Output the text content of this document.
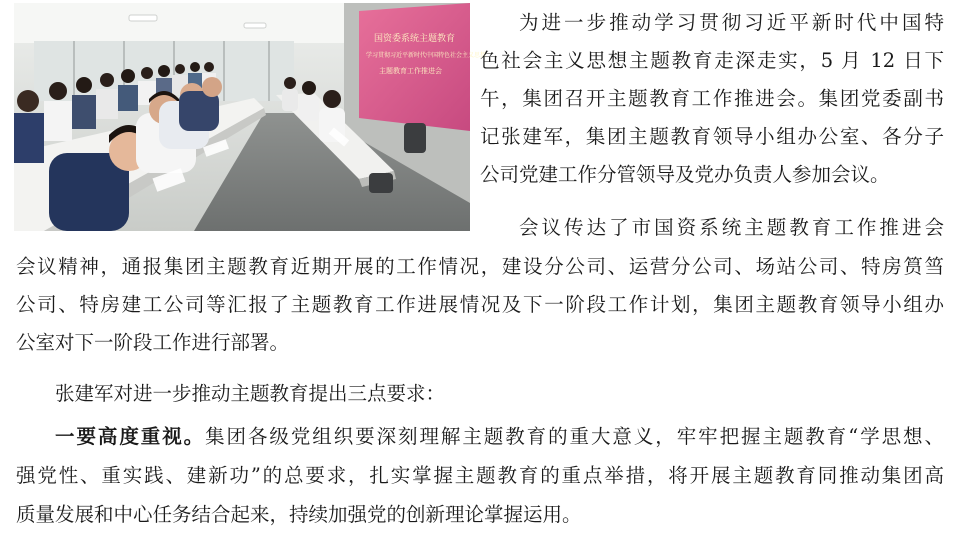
国资委系统主题教育
学习贯彻习近平新时代中国特色社会主义思想
主题教育工作推进会
为进一步推动学习贯彻习近平新时代中国特
色社会主义思想主题教育走深走实，5 月 12 日下
午，集团召开主题教育工作推进会。集团党委副书
记张建军，集团主题教育领导小组办公室、各分子
公司党建工作分管领导及党办负责人参加会议。
会议传达了市国资系统主题教育工作推进会
会议精神，通报集团主题教育近期开展的工作情况，建设分公司、运营分公司、场站公司、特房筼筜
公司、特房建工公司等汇报了主题教育工作进展情况及下一阶段工作计划，集团主题教育领导小组办
公室对下一阶段工作进行部署。
张建军对进一步推动主题教育提出三点要求：
一要高度重视。集团各级党组织要深刻理解主题教育的重大意义，牢牢把握主题教育“学思想、
强党性、重实践、建新功”的总要求，扎实掌握主题教育的重点举措，将开展主题教育同推动集团高
质量发展和中心任务结合起来，持续加强党的创新理论掌握运用。
